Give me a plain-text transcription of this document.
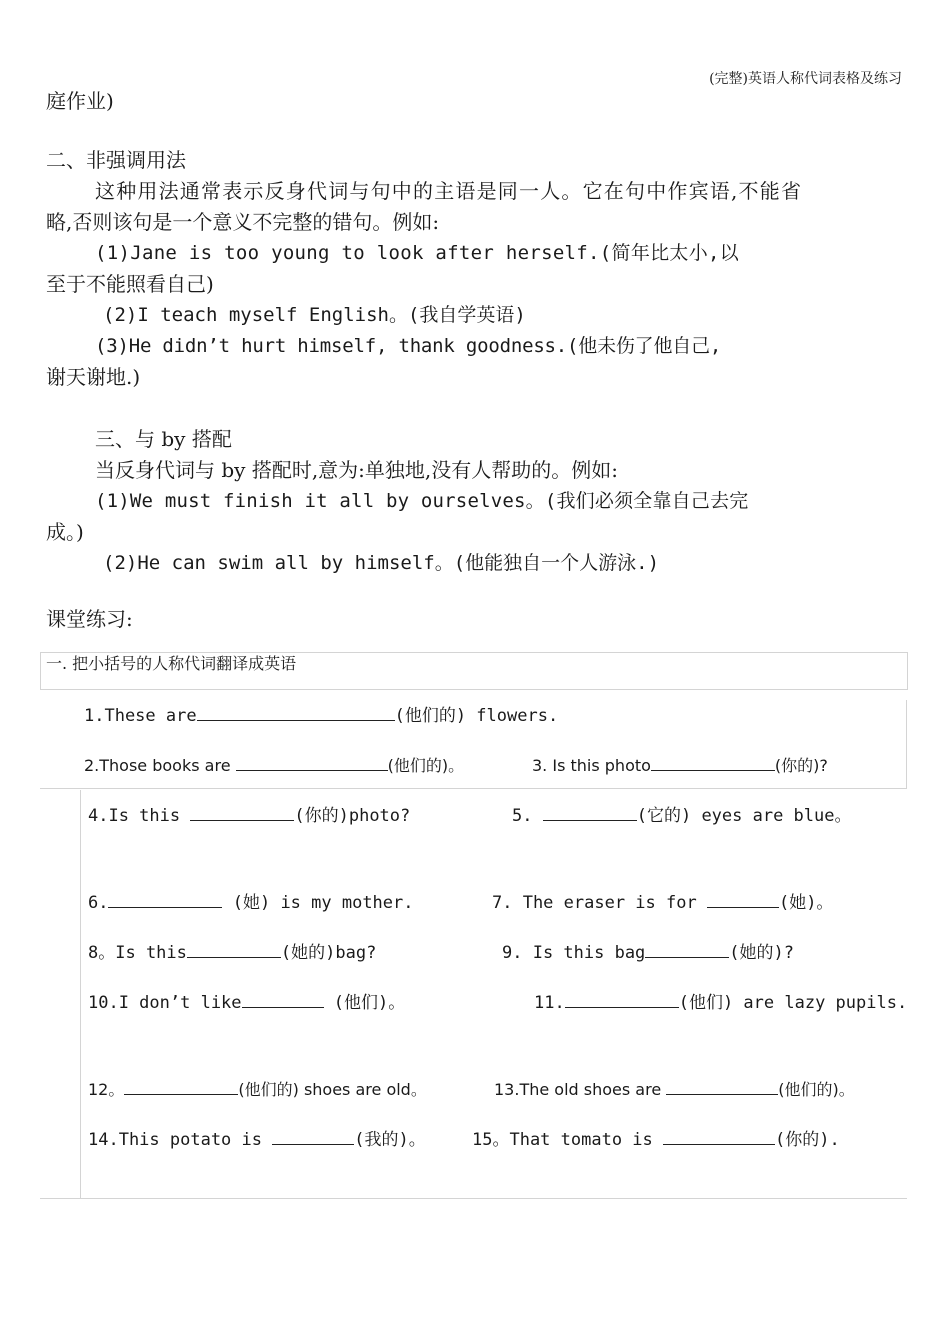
(完整)英语人称代词表格及练习
庭作业)
二、非强调用法
这种用法通常表示反身代词与句中的主语是同一人。它在句中作宾语,不能省
略,否则该句是一个意义不完整的错句。例如:
(1)Jane is too young to look after herself.(简年比太小,以
至于不能照看自己)
(2)I teach myself English。(我自学英语)
(3)He didn’t hurt himself, thank goodness.(他未伤了他自己,
谢天谢地.)
三、与 by 搭配
当反身代词与 by 搭配时,意为:单独地,没有人帮助的。例如:
(1)We must finish it all by ourselves。(我们必须全靠自己去完
成。)
(2)He can swim all by himself。(他能独自一个人游泳.)
课堂练习:
一. 把小括号的人称代词翻译成英语
1.These are	(他们的) flowers.
2.Those books are	(他们的)。	3. Is this photo	(你的)?
4.Is this	(你的)photo?	5.	(它的) eyes are blue。
6.	(她) is my mother.	7. The eraser is for	(她)。
8。Is this	(她的)bag?	9. Is this bag	(她的)?
10.I don’t like	(他们)。	11.	(他们) are lazy pupils.
12。	(他们的) shoes are old。	13.The old shoes are	(他们的)。
14.This potato is	(我的)。	15。That tomato is	(你的).
